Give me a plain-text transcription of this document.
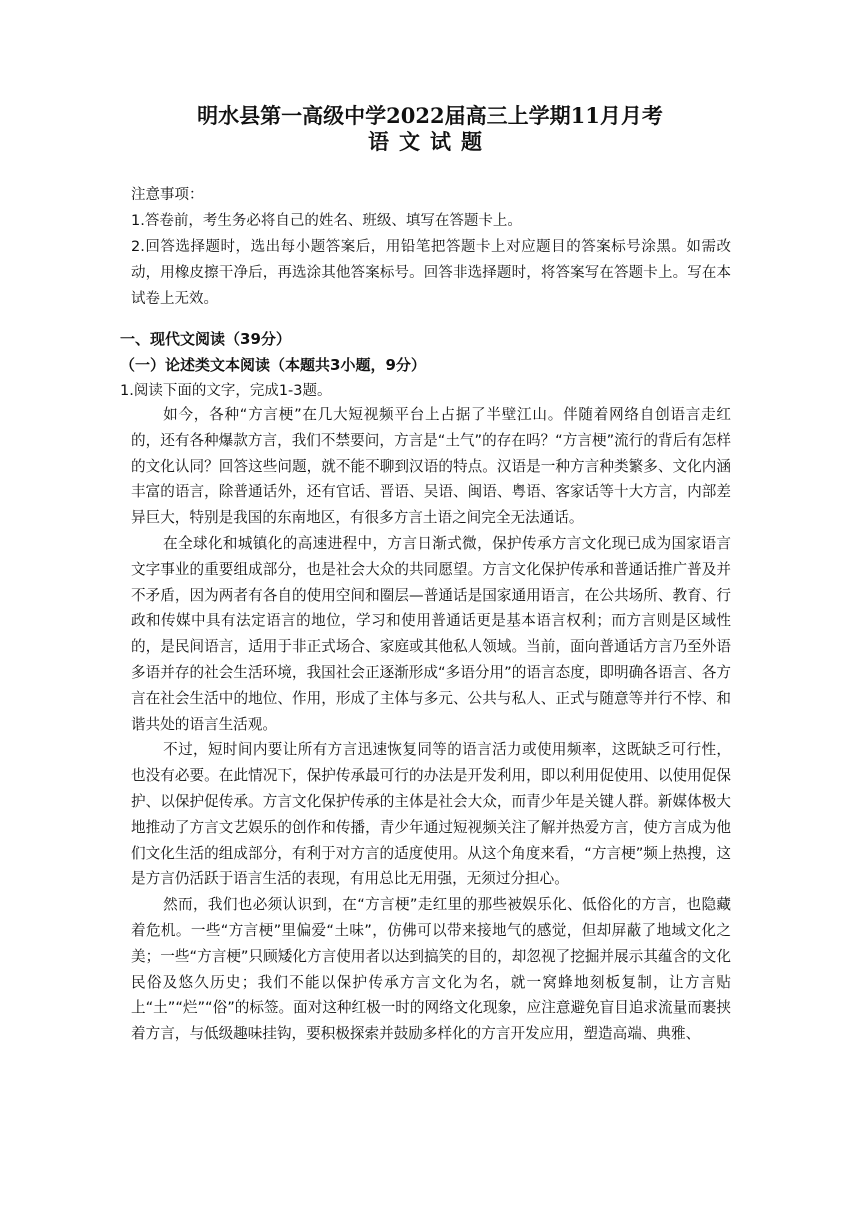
明水县第一高级中学2022届高三上学期11月月考
语文试题

注意事项：

1.答卷前，考生务必将自己的姓名、班级、填写在答题卡上。

2.回答选择题时，选出每小题答案后，用铅笔把答题卡上对应题目的答案标号涂黑。如需改动，用橡皮擦干净后，再选涂其他答案标号。回答非选择题时，将答案写在答题卡上。写在本试卷上无效。

一、现代文阅读（39分）

（一）论述类文本阅读（本题共3小题，9分）

1.阅读下面的文字，完成1-3题。

如今，各种“方言梗”在几大短视频平台上占据了半壁江山。伴随着网络自创语言走红的，还有各种爆款方言，我们不禁要问，方言是“土气”的存在吗？“方言梗”流行的背后有怎样的文化认同？回答这些问题，就不能不聊到汉语的特点。汉语是一种方言种类繁多、文化内涵丰富的语言，除普通话外，还有官话、晋语、吴语、闽语、粤语、客家话等十大方言，内部差异巨大，特别是我国的东南地区，有很多方言土语之间完全无法通话。

在全球化和城镇化的高速进程中，方言日渐式微，保护传承方言文化现已成为国家语言文字事业的重要组成部分，也是社会大众的共同愿望。方言文化保护传承和普通话推广普及并不矛盾，因为两者有各自的使用空间和圈层—普通话是国家通用语言，在公共场所、教育、行政和传媒中具有法定语言的地位，学习和使用普通话更是基本语言权利；而方言则是区域性的，是民间语言，适用于非正式场合、家庭或其他私人领域。当前，面向普通话方言乃至外语多语并存的社会生活环境，我国社会正逐渐形成“多语分用”的语言态度，即明确各语言、各方言在社会生活中的地位、作用，形成了主体与多元、公共与私人、正式与随意等并行不悖、和谐共处的语言生活观。

不过，短时间内要让所有方言迅速恢复同等的语言活力或使用频率，这既缺乏可行性，也没有必要。在此情况下，保护传承最可行的办法是开发利用，即以利用促使用、以使用促保护、以保护促传承。方言文化保护传承的主体是社会大众，而青少年是关键人群。新媒体极大地推动了方言文艺娱乐的创作和传播，青少年通过短视频关注了解并热爱方言，使方言成为他们文化生活的组成部分，有利于对方言的适度使用。从这个角度来看，“方言梗”频上热搜，这是方言仍活跃于语言生活的表现，有用总比无用强，无须过分担心。

然而，我们也必须认识到，在“方言梗”走红里的那些被娱乐化、低俗化的方言，也隐藏着危机。一些“方言梗”里偏爱“土味”，仿佛可以带来接地气的感觉，但却屏蔽了地域文化之美；一些“方言梗”只顾矮化方言使用者以达到搞笑的目的，却忽视了挖掘并展示其蕴含的文化民俗及悠久历史；我们不能以保护传承方言文化为名，就一窝蜂地刻板复制，让方言贴上“土”“烂”“俗”的标签。面对这种红极一时的网络文化现象，应注意避免盲目追求流量而裹挟着方言，与低级趣味挂钩，要积极探索并鼓励多样化的方言开发应用，塑造高端、典雅、
